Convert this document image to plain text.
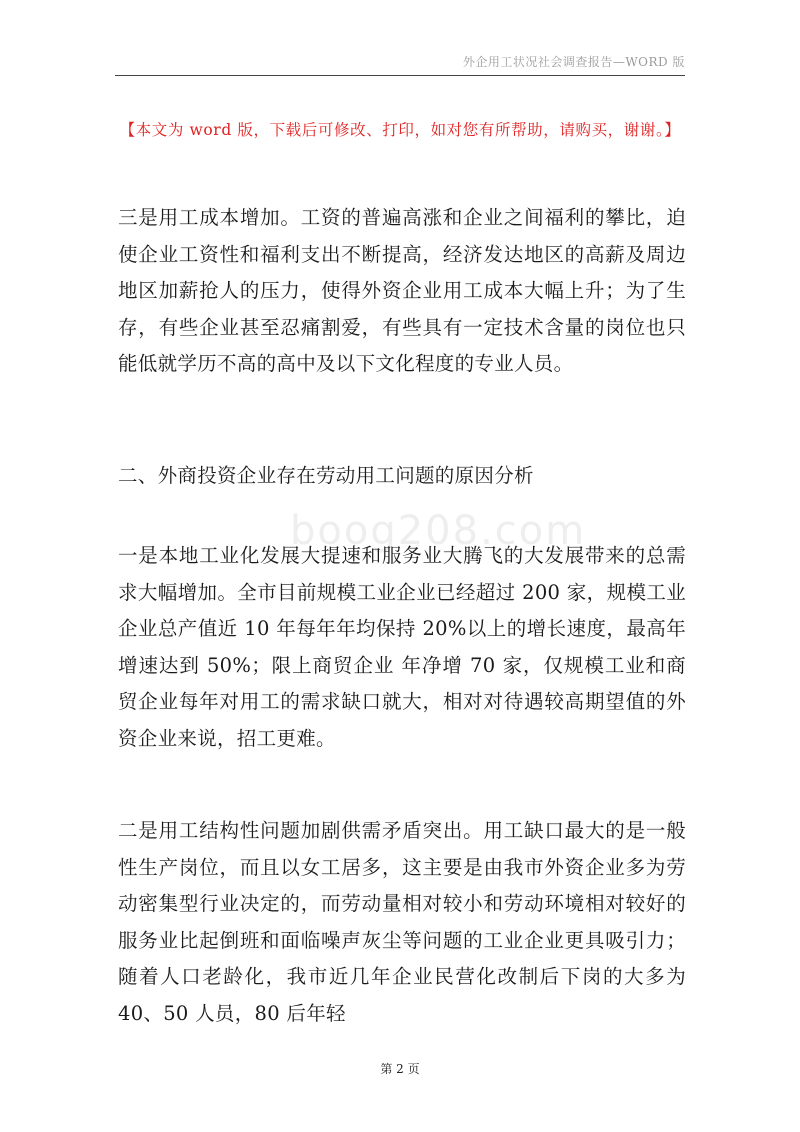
外企用工状况社会调查报告—WORD 版
【本文为 word 版，下载后可修改、打印，如对您有所帮助，请购买，谢谢。】
boog208.com

三是用工成本增加。工资的普遍高涨和企业之间福利的攀比，迫使企业工资性和福利支出不断提高，经济发达地区的高薪及周边地区加薪抢人的压力，使得外资企业用工成本大幅上升；为了生存，有些企业甚至忍痛割爱，有些具有一定技术含量的岗位也只能低就学历不高的高中及以下文化程度的专业人员。

二、外商投资企业存在劳动用工问题的原因分析

一是本地工业化发展大提速和服务业大腾飞的大发展带来的总需求大幅增加。全市目前规模工业企业已经超过 200 家，规模工业企业总产值近 10 年每年年均保持 20%以上的增长速度，最高年增速达到 50%；限上商贸企业 年净增 70 家，仅规模工业和商贸企业每年对用工的需求缺口就大，相对对待遇较高期望值的外资企业来说，招工更难。

二是用工结构性问题加剧供需矛盾突出。用工缺口最大的是一般性生产岗位，而且以女工居多，这主要是由我市外资企业多为劳动密集型行业决定的，而劳动量相对较小和劳动环境相对较好的服务业比起倒班和面临噪声灰尘等问题的工业企业更具吸引力；随着人口老龄化，我市近几年企业民营化改制后下岗的大多为 40、50 人员，80 后年轻

第 2 页
